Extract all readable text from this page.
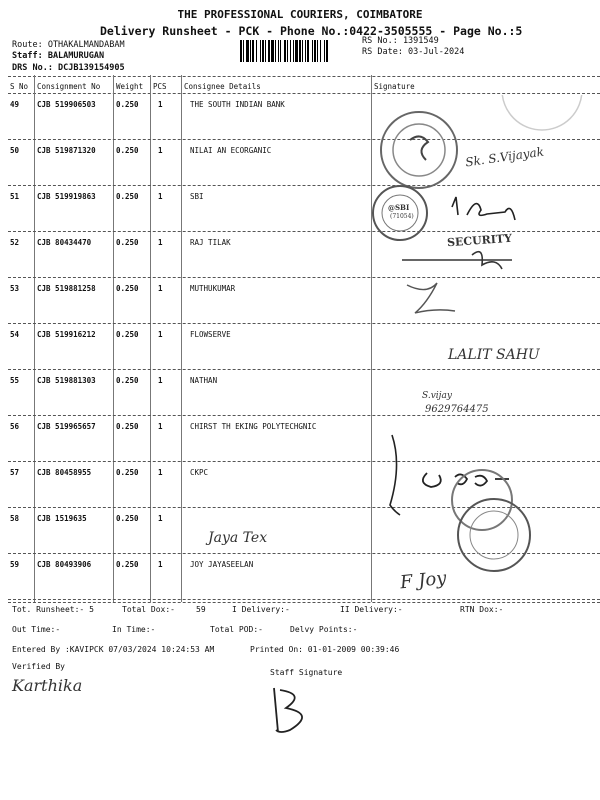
THE PROFESSIONAL COURIERS, COIMBATORE
Delivery Runsheet - PCK - Phone No.:0422-3505555 - Page No.:5
Route: OTHAKALMANDABAM
Staff: BALAMURUGAN
DRS No.: DCJB139154905
RS No.: 1391549
RS Date: 03-Jul-2024
S No Consignment No Weight PCS Consignee Details	Signature
49 CJB 519906503	0.250	1	THE SOUTH INDIAN BANK
50 CJB 519871320	0.250	1	NILAI AN ECORGANIC
51 CJB 519919863	0.250	1	SBI
52 CJB 80434470	0.250	1	RAJ TILAK
53 CJB 519881258	0.250	1	MUTHUKUMAR
54 CJB 519916212	0.250	1	FLOWSERVE
55 CJB 519881303	0.250	1	NATHAN
56 CJB 519965657	0.250	1	CHIRST TH EKING POLYTECHGNIC
57 CJB 80458955	0.250	1	CKPC
58 CJB 1519635	0.250	1
59 CJB 80493906	0.250	1	JOY JAYASEELAN
Sk. S.Vijayak
@SBI
(71054)
SECURITY
LALIT SAHU
S.vijay
9629764475
Jaya Tex
F Joy
Tot. Runsheet:- 5	Total Dox:-	59	I Delivery:-	II Delivery:-	RTN Dox:-
Out Time:-	In Time:-	Total POD:-	Delvy Points:-
Entered By :KAVIPCK 07/03/2024 10:24:53 AM	Printed On: 01-01-2009 00:39:46
Verified By
Staff Signature
Karthika
